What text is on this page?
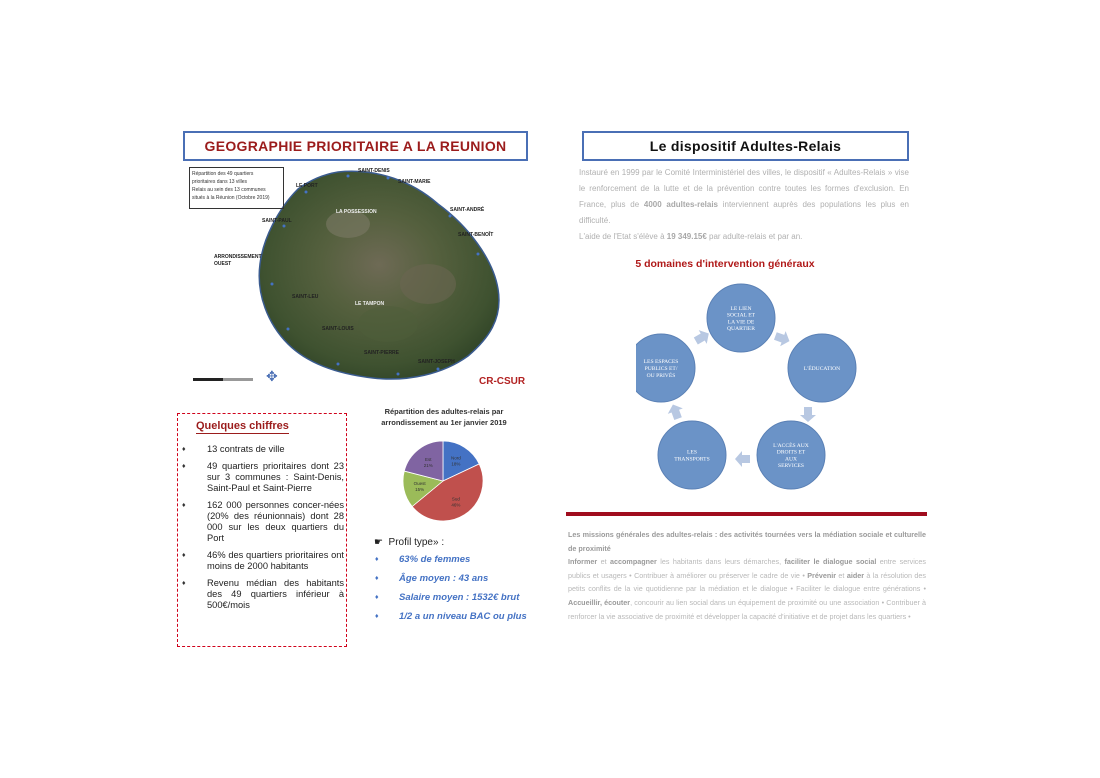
GEOGRAPHIE PRIORITAIRE A LA REUNION
Répartition des 49 quartiers
prioritaires dans 13 villes
Relais au sein des 13 communes
situés à la Réunion (Octobre 2019)
SAINT-DENIS
SAINT-MARIE
LE PORT
SAINT-ANDRÉ
SAINT-PAUL
LA POSSESSION
SAINT-BENOÎT
ARRONDISSEMENT OUEST
SAINT-LEU
LE TAMPON
SAINT-LOUIS
SAINT-PIERRE
SAINT-JOSEPH
✥	CR-CSUR
Quelques chiffres
♦ 13 contrats de ville
♦ 49 quartiers prioritaires dont 23 sur 3 communes : Saint-Denis, Saint-Paul et Saint-Pierre
♦ 162 000 personnes concer-nées (20% des réunionnais) dont 28 000 sur les deux quartiers du Port
♦ 46% des quartiers prioritaires ont moins de 2000 habitants
♦ Revenu médian des habitants des 49 quartiers inférieur à 500€/mois
Répartition des adultes-relais par arrondissement au 1er janvier 2019
Nord
18%
Sud
46%
Ouest
15%
Est
21%
☛ Profil type» :
♦ 63% de femmes
♦ Âge moyen : 43 ans
♦ Salaire moyen : 1532€ brut
♦ 1/2 a un niveau BAC ou plus
Le dispositif Adultes-Relais
Instauré en 1999 par le Comité Interministériel des villes, le dispositif « Adultes-Relais » vise le renforcement de la lutte et de la prévention contre toutes les formes d'exclusion. En France, plus de 4000 adultes-relais interviennent auprès des populations les plus en difficulté.
L'aide de l'Etat s'élève à 19 349.15€ par adulte-relais et par an.
5 domaines d'intervention généraux
LE LIEN SOCIAL ET LA VIE DE QUARTIER
L'ÉDUCATION
L'ACCÈS AUX DROITS ET AUX SERVICES
LES TRANSPORTS
LES ESPACES PUBLICS ET/ OU PRIVÉS
Les missions générales des adultes-relais : des activités tournées vers la médiation sociale et culturelle de proximité
Informer et accompagner les habitants dans leurs démarches, faciliter le dialogue social entre services publics et usagers • Contribuer à améliorer ou préserver le cadre de vie • Prévenir et aider à la résolution des petits conflits de la vie quotidienne par la médiation et le dialogue • Faciliter le dialogue entre générations • Accueillir, écouter, concourir au lien social dans un équipement de proximité ou une association • Contribuer à renforcer la vie associative de proximité et développer la capacité d'initiative et de projet dans les quartiers •
